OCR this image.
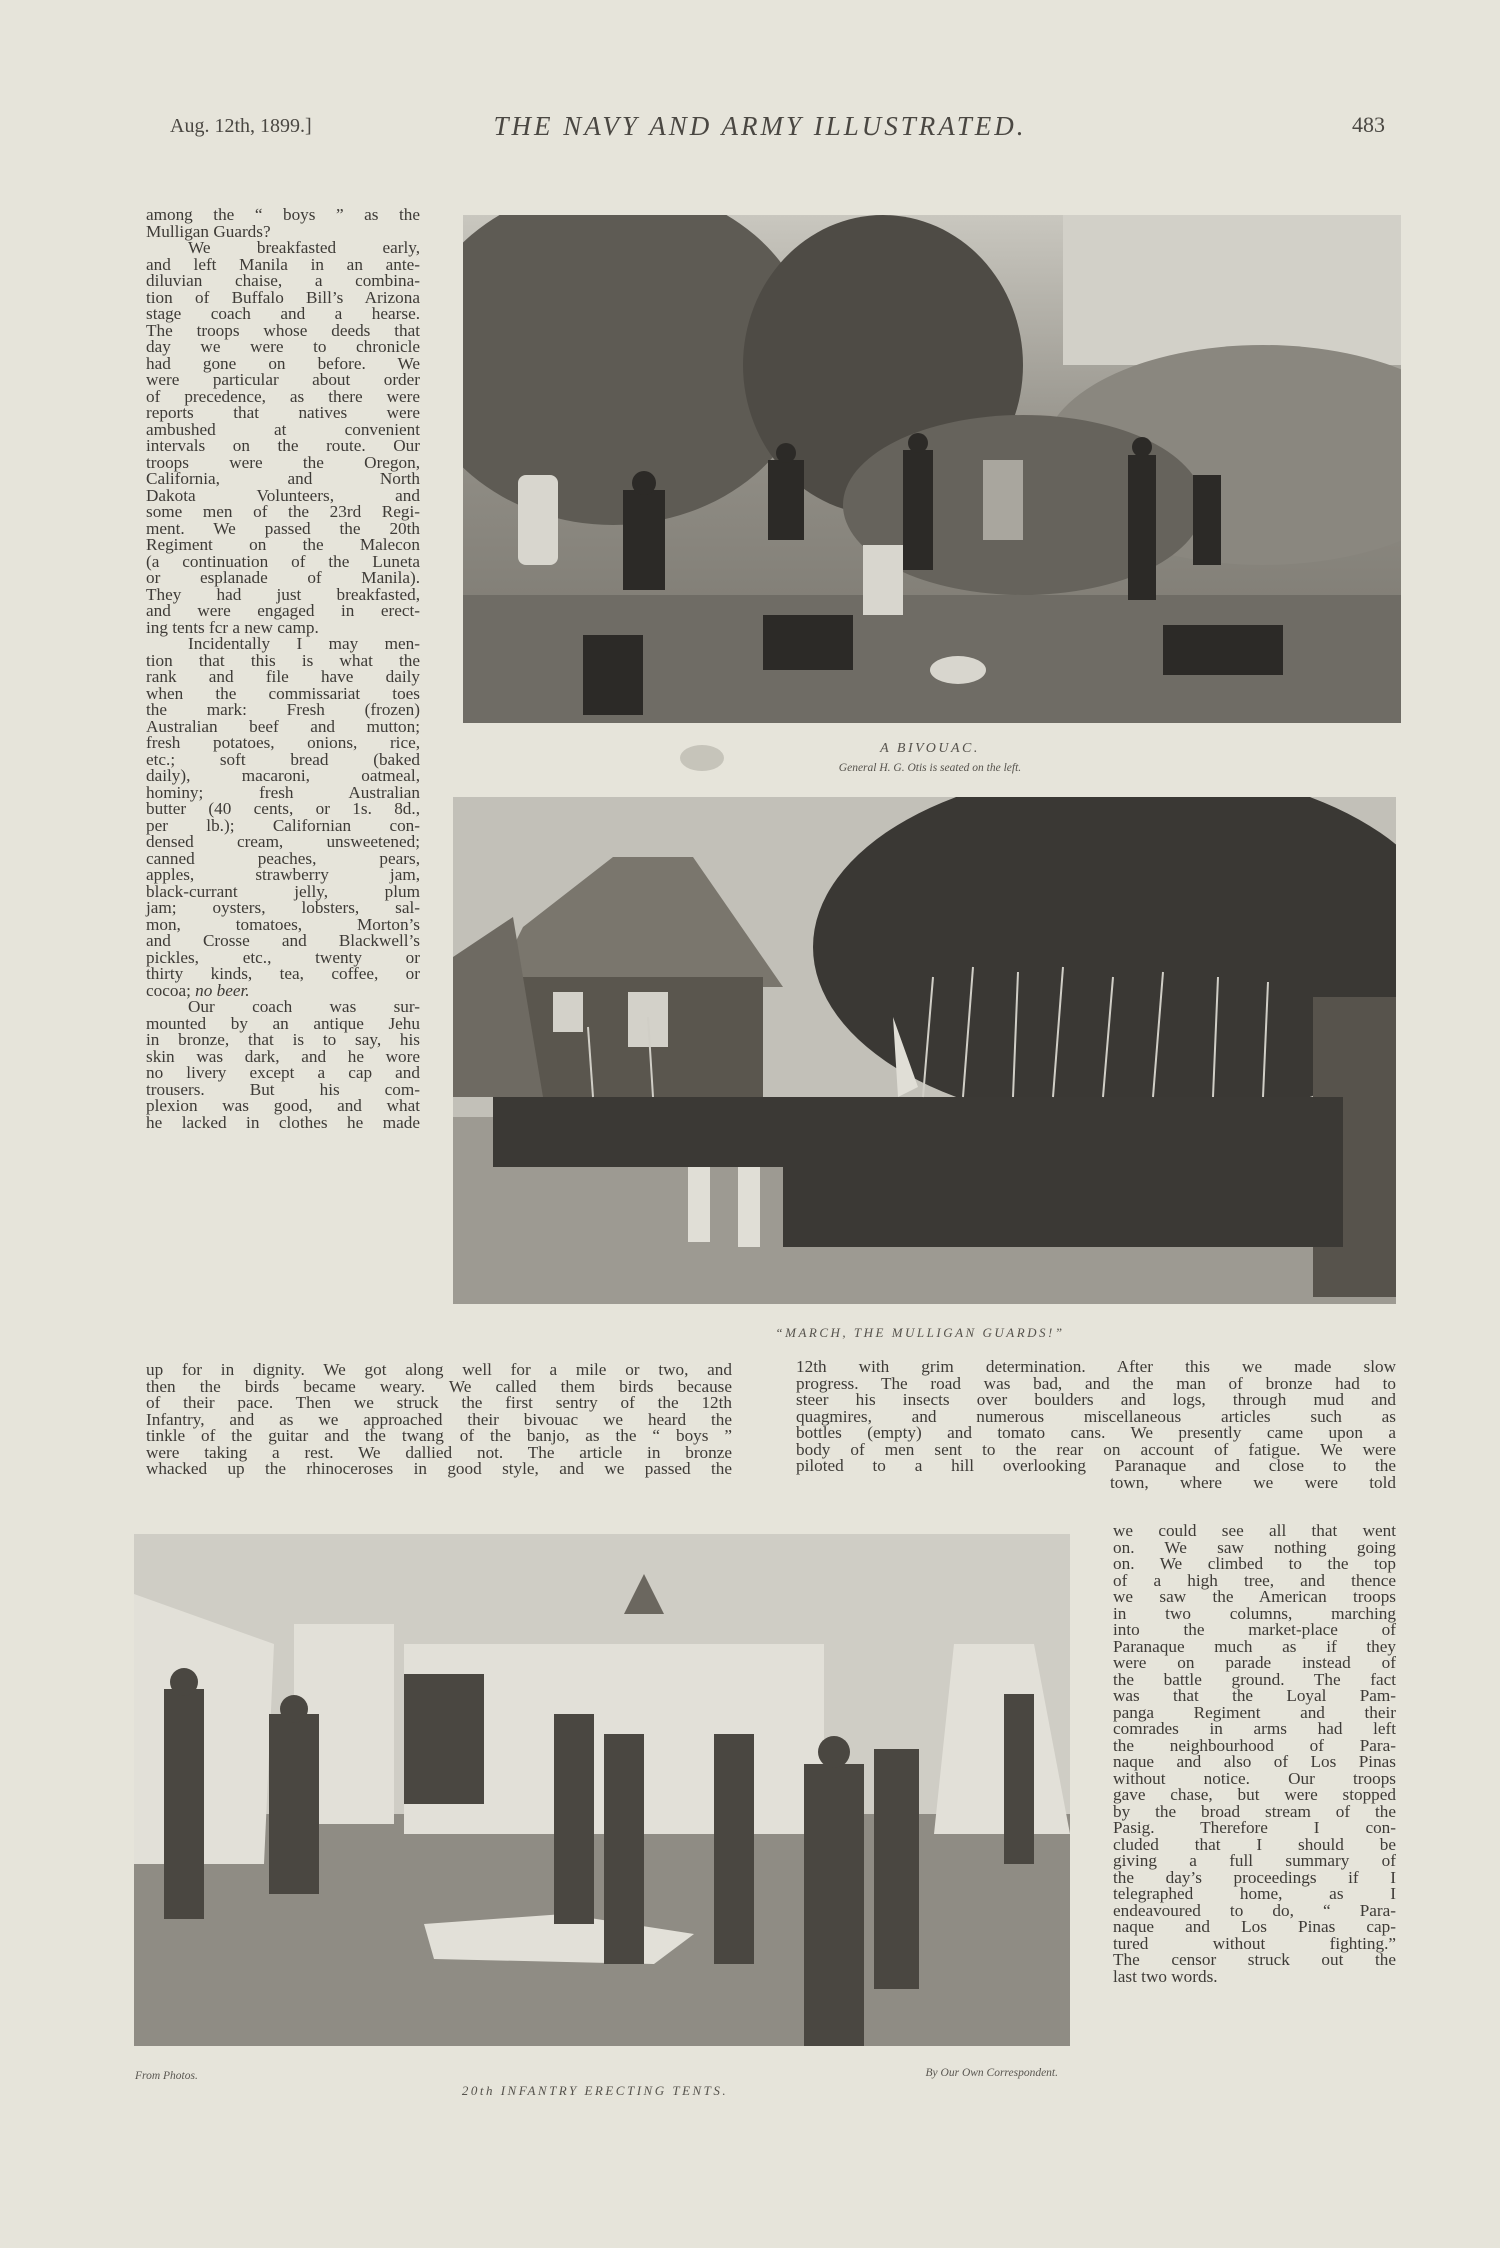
Aug. 12th, 1899.]	THE NAVY AND ARMY ILLUSTRATED.	483
among the “ boys ” as the
Mulligan Guards?
We breakfasted early,
and left Manila in an ante-
diluvian chaise, a combina-
tion of Buffalo Bill’s Arizona
stage coach and a hearse.
The troops whose deeds that
day we were to chronicle
had gone on before. We
were particular about order
of precedence, as there were
reports that natives were
ambushed at convenient
intervals on the route. Our
troops were the Oregon,
California, and North
Dakota Volunteers, and
some men of the 23rd Regi-
ment. We passed the 20th
Regiment on the Malecon
(a continuation of the Luneta
or esplanade of Manila).
They had just breakfasted,
and were engaged in erect-
ing tents fcr a new camp.
Incidentally I may men-
tion that this is what the
rank and file have daily
when the commissariat toes
the mark: Fresh (frozen)
Australian beef and mutton;
fresh potatoes, onions, rice,
etc.; soft bread (baked
daily), macaroni, oatmeal,
hominy; fresh Australian
butter (40 cents, or 1s. 8d.,
per lb.); Californian con-
densed cream, unsweetened;
canned peaches, pears,
apples, strawberry jam,
black-currant jelly, plum
jam; oysters, lobsters, sal-
mon, tomatoes, Morton’s
and Crosse and Blackwell’s
pickles, etc., twenty or
thirty kinds, tea, coffee, or
cocoa; no beer.
Our coach was sur-
mounted by an antique Jehu
in bronze, that is to say, his
skin was dark, and he wore
no livery except a cap and
trousers. But his com-
plexion was good, and what
he lacked in clothes he made
A BIVOUAC.
General H. G. Otis is seated on the left.
“MARCH, THE MULLIGAN GUARDS!”
up for in dignity. We got along well for a mile or two, and
then the birds became weary. We called them birds because
of their pace. Then we struck the first sentry of the 12th
Infantry, and as we approached their bivouac we heard the
tinkle of the guitar and the twang of the banjo, as the “ boys ”
were taking a rest. We dallied not. The article in bronze
whacked up the rhinoceroses in good style, and we passed the
12th with grim determination. After this we made slow
progress. The road was bad, and the man of bronze had to
steer his insects over boulders and logs, through mud and
quagmires, and numerous miscellaneous articles such as
bottles (empty) and tomato cans. We presently came upon a
body of men sent to the rear on account of fatigue. We were
piloted to a hill overlooking Paranaque and close to the
town, where we were told
we could see all that went
on. We saw nothing going
on. We climbed to the top
of a high tree, and thence
we saw the American troops
in two columns, marching
into the market-place of
Paranaque much as if they
were on parade instead of
the battle ground. The fact
was that the Loyal Pam-
panga Regiment and their
comrades in arms had left
the neighbourhood of Para-
naque and also of Los Pinas
without notice. Our troops
gave chase, but were stopped
by the broad stream of the
Pasig. Therefore I con-
cluded that I should be
giving a full summary of
the day’s proceedings if I
telegraphed home, as I
endeavoured to do, “ Para-
naque and Los Pinas cap-
tured without fighting.”
The censor struck out the
last two words.
From Photos.
20th INFANTRY ERECTING TENTS.
By Our Own Correspondent.
